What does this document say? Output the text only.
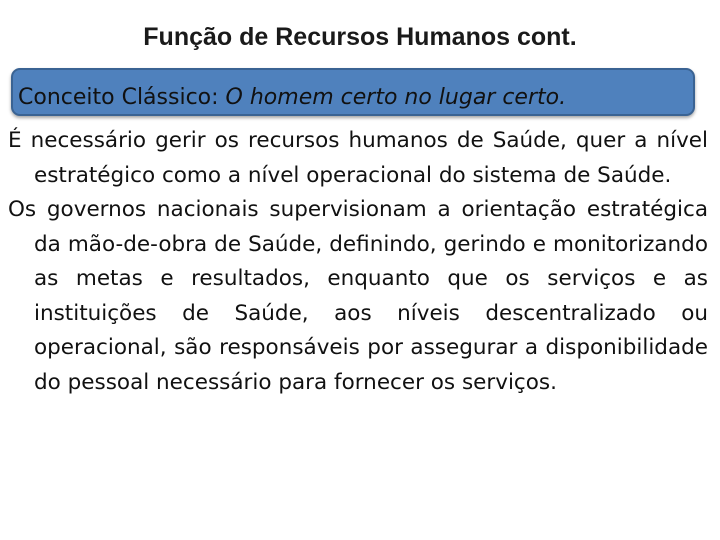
Função de Recursos Humanos cont.
Conceito Clássico: O homem certo no lugar certo.

É necessário gerir os recursos humanos de Saúde, quer a nível estratégico como a nível operacional do sistema de Saúde.

Os governos nacionais supervisionam a orientação estratégica da mão-de-obra de Saúde, definindo, gerindo e monitorizando as metas e resultados, enquanto que os serviços e as instituições de Saúde, aos níveis descentralizado ou operacional, são responsáveis por assegurar a disponibilidade do pessoal necessário para fornecer os serviços.
